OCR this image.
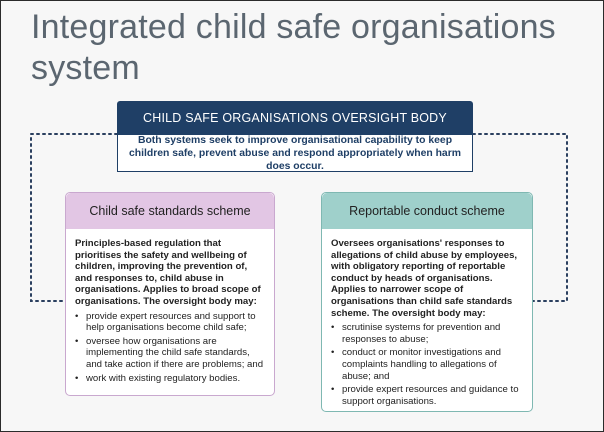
Integrated child safe organisations system
CHILD SAFE ORGANISATIONS OVERSIGHT BODY
Both systems seek to improve organisational capability to keep children safe, prevent abuse and respond appropriately when harm does occur.
Child safe standards scheme

Principles-based regulation that prioritises the safety and wellbeing of children, improving the prevention of, and responses to, child abuse in organisations. Applies to broad scope of organisations. The oversight body may:

• provide expert resources and support to help organisations become child safe;
• oversee how organisations are implementing the child safe standards, and take action if there are problems; and
• work with existing regulatory bodies.
Reportable conduct scheme

Oversees organisations' responses to allegations of child abuse by employees, with obligatory reporting of reportable conduct by heads of organisations. Applies to narrower scope of organisations than child safe standards scheme. The oversight body may:

• scrutinise systems for prevention and responses to abuse;
• conduct or monitor investigations and complaints handling to allegations of abuse; and
• provide expert resources and guidance to support organisations.
